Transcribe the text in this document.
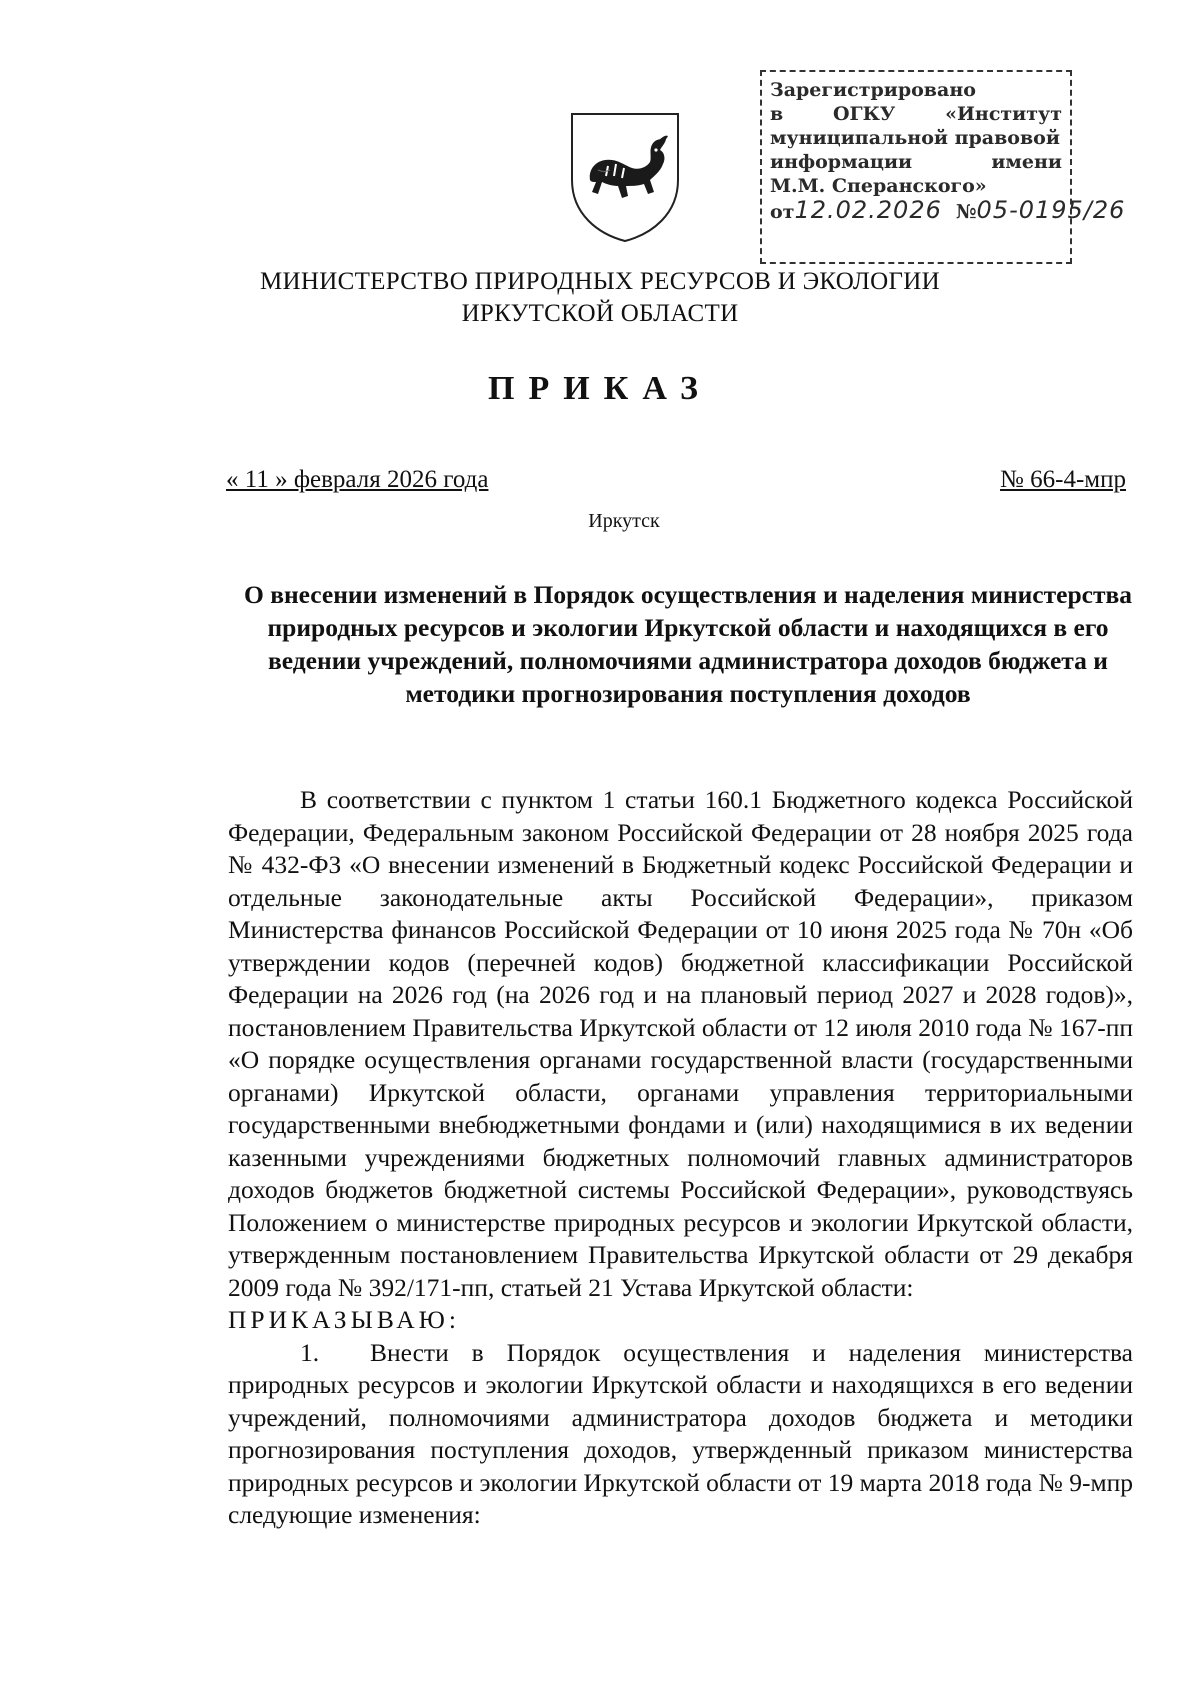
Зарегистрировано
в	ОГКУ	«Институт
муниципальной правовой
информации	имени
М.М. Сперанского»
от 12.02.2026 № 05-0195/26
МИНИСТЕРСТВО ПРИРОДНЫХ РЕСУРСОВ И ЭКОЛОГИИ
ИРКУТСКОЙ ОБЛАСТИ
ПРИКАЗ
« 11 » февраля 2026 года	№ 66-4-мпр
Иркутск
О внесении изменений в Порядок осуществления и наделения министерства природных ресурсов и экологии Иркутской области и находящихся в его ведении учреждений, полномочиями администратора доходов бюджета и методики прогнозирования поступления доходов

В соответствии с пунктом 1 статьи 160.1 Бюджетного кодекса Российской Федерации, Федеральным законом Российской Федерации от 28 ноября 2025 года № 432-ФЗ «О внесении изменений в Бюджетный кодекс Российской Федерации и отдельные законодательные акты Российской Федерации», приказом Министерства финансов Российской Федерации от 10 июня 2025 года № 70н «Об утверждении кодов (перечней кодов) бюджетной классификации Российской Федерации на 2026 год (на 2026 год и на плановый период 2027 и 2028 годов)», постановлением Правительства Иркутской области от 12 июля 2010 года № 167-пп «О порядке осуществления органами государственной власти (государственными органами) Иркутской области, органами управления территориальными государственными внебюджетными фондами и (или) находящимися в их ведении казенными учреждениями бюджетных полномочий главных администраторов доходов бюджетов бюджетной системы Российской Федерации», руководствуясь Положением о министерстве природных ресурсов и экологии Иркутской области, утвержденным постановлением Правительства Иркутской области от 29 декабря 2009 года № 392/171-пп, статьей 21 Устава Иркутской области:

ПРИКАЗЫВАЮ:

1. Внести в Порядок осуществления и наделения министерства природных ресурсов и экологии Иркутской области и находящихся в его ведении учреждений, полномочиями администратора доходов бюджета и методики прогнозирования поступления доходов, утвержденный приказом министерства природных ресурсов и экологии Иркутской области от 19 марта 2018 года № 9-мпр следующие изменения:
